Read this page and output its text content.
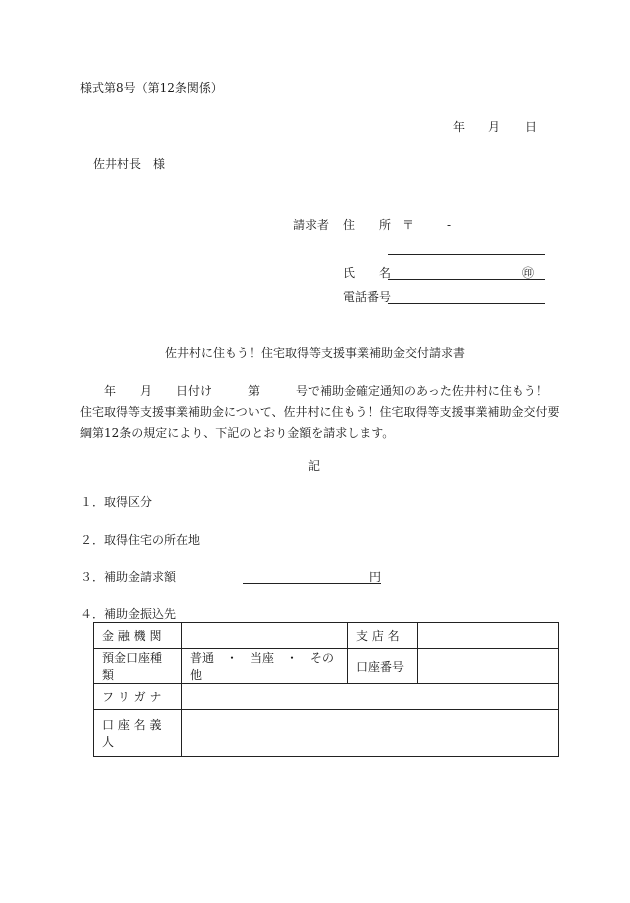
様式第8号（第12条関係）
年 月 日
佐井村長　様
請求者 住　　所 〒	-
氏　　名	㊞
電話番号
佐井村に住もう！住宅取得等支援事業補助金交付請求書
　　年　　月　　日付け　　　第　　　号で補助金確定通知のあった佐井村に住もう！
住宅取得等支援事業補助金について、佐井村に住もう！住宅取得等支援事業補助金交付要
綱第12条の規定により、下記のとおり金額を請求します。
記
１． 取得区分
２． 取得住宅の所在地
３． 補助金請求額	円
４． 補助金振込先
金 融 機 関		支 店 名	
預金口座種類	普通　・　当座　・　その他	口座番号	
フ リ ガ ナ			
口 座 名 義 人			
